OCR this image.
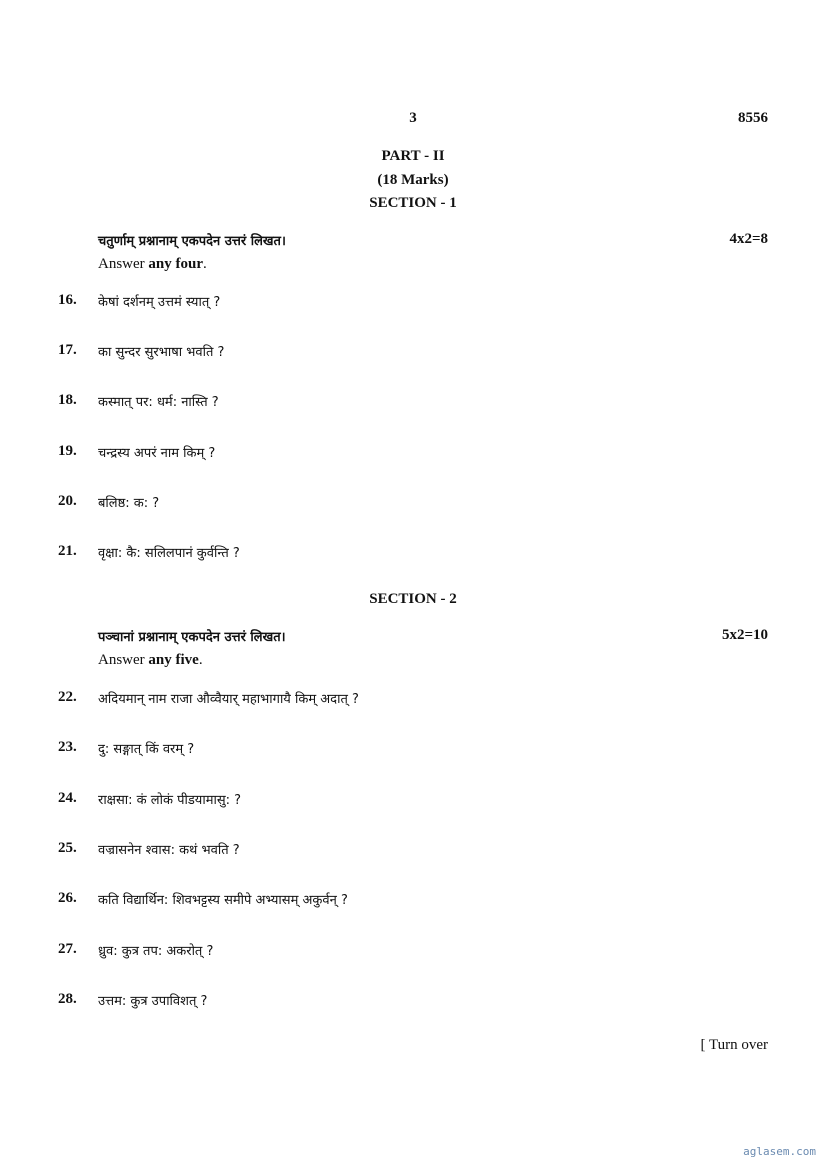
3	8556
PART - II
(18 Marks)
SECTION - 1
चतुर्णाम् प्रश्नानाम् एकपदेन उत्तरं लिखत।	4x2=8
Answer any four.
16.	केषां दर्शनम् उत्तमं स्यात् ?
17.	का सुन्दर सुरभाषा भवति ?
18.	कस्मात् पर: धर्म: नास्ति ?
19.	चन्द्रस्य अपरं नाम किम् ?
20.	बलिष्ठ: क: ?
21.	वृक्षा: कै: सलिलपानं कुर्वन्ति ?
SECTION - 2
पञ्चानां प्रश्नानाम् एकपदेन उत्तरं लिखत।	5x2=10
Answer any five.
22.	अदियमान् नाम राजा औव्वैयार् महाभागायै किम् अदात् ?
23.	दु: सङ्गात् किं वरम् ?
24.	राक्षसा: कं लोकं पीडयामासु: ?
25.	वज्रासनेन श्वास: कथं भवति ?
26.	कति विद्यार्थिन: शिवभट्टस्य समीपे अभ्यासम् अकुर्वन् ?
27.	ध्रुव: कुत्र तप: अकरोत् ?
28.	उत्तम: कुत्र उपाविशत् ?
[ Turn over
aglasem.com
